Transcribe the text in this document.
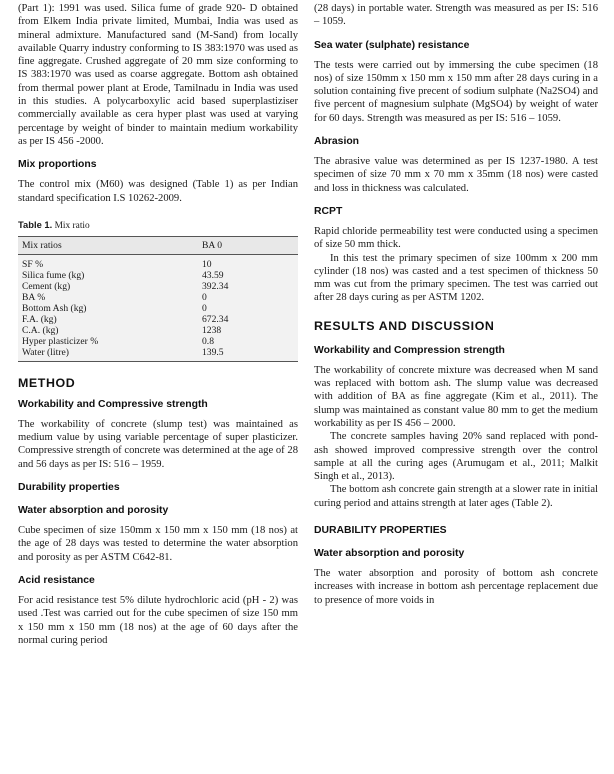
(Part 1): 1991 was used. Silica fume of grade 920- D obtained from Elkem India private limited, Mumbai, India was used as mineral admixture. Manufactured sand (M-Sand) from locally available Quarry industry conforming to IS 383:1970 was used as fine aggregate. Crushed aggregate of 20 mm size conforming to IS 383:1970 was used as coarse aggregate. Bottom ash obtained from thermal power plant at Erode, Tamilnadu in India was used in this studies. A polycarboxylic acid based superplastiziser commercially available as cera hyper plast was used at varying percentage by weight of binder to maintain medium workability as per IS 456 -2000.

Mix proportions

The control mix (M60) was designed (Table 1) as per Indian standard specification I.S 10262-2009.

Table 1. Mix ratio

Mix ratios	BA 0
SF %	10
Silica fume (kg)	43.59
Cement (kg)	392.34
BA %	0
Bottom Ash (kg)	0
F.A. (kg)	672.34
C.A. (kg)	1238
Hyper plasticizer %	0.8
Water (litre)	139.5
METHOD
Workability and Compressive strength

The workability of concrete (slump test) was maintained as medium value by using variable percentage of super plasticizer. Compressive strength of concrete was determined at the age of 28 and 56 days as per IS: 516 – 1959.

Durability properties
Water absorption and porosity

Cube specimen of size 150mm x 150 mm x 150 mm (18 nos) at the age of 28 days was tested to determine the water absorption and porosity as per ASTM C642-81.

Acid resistance

For acid resistance test 5% dilute hydrochloric acid (pH - 2) was used .Test was carried out for the cube specimen of size 150 mm x 150 mm x 150 mm (18 nos) at the age of 60 days after the normal curing period

(28 days) in portable water. Strength was measured as per IS: 516 – 1059.

Sea water (sulphate) resistance

The tests were carried out by immersing the cube specimen (18 nos) of size 150mm x 150 mm x 150 mm after 28 days curing in a solution containing five precent of sodium sulphate (Na2SO4) and five percent of magnesium sulphate (MgSO4) by weight of water for 60 days. Strength was measured as per IS: 516 – 1059.

Abrasion

The abrasive value was determined as per IS 1237-1980. A test specimen of size 70 mm x 70 mm x 35mm (18 nos) were casted and loss in thickness was calculated.

RCPT

Rapid chloride permeability test were conducted using a specimen of size 50 mm thick.

In this test the primary specimen of size 100mm x 200 mm cylinder (18 nos) was casted and a test specimen of thickness 50 mm was cut from the primary specimen. The test was carried out after 28 days curing as per ASTM 1202.

RESULTS AND DISCUSSION
Workability and Compression strength

The workability of concrete mixture was decreased when M sand was replaced with bottom ash. The slump value was decreased with addition of BA as fine aggregate (Kim et al., 2011). The slump was maintained as constant value 80 mm to get the medium workability as per IS 456 – 2000.

The concrete samples having 20% sand replaced with pond-ash showed improved compressive strength over the control sample at all the curing ages (Arumugam et al., 2011; Malkit Singh et al., 2013).

The bottom ash concrete gain strength at a slower rate in initial curing period and attains strength at later ages (Table 2).

DURABILITY PROPERTIES
Water absorption and porosity

The water absorption and porosity of bottom ash concrete increases with increase in bottom ash percentage replacement due to presence of more voids in
